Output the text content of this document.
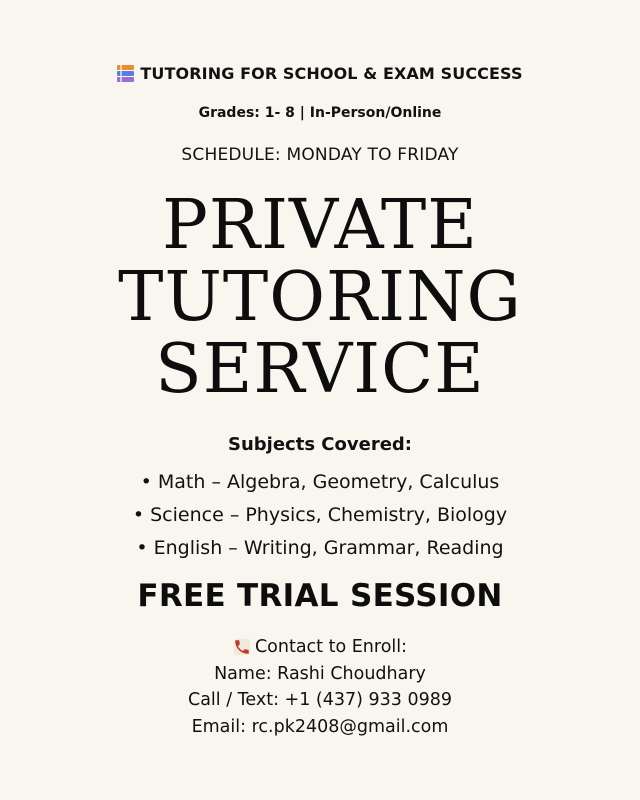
TUTORING FOR SCHOOL & EXAM SUCCESS
Grades: 1- 8 | In-Person/Online
SCHEDULE: MONDAY TO FRIDAY
PRIVATE
TUTORING
SERVICE
Subjects Covered:
• Math – Algebra, Geometry, Calculus
• Science – Physics, Chemistry, Biology
• English – Writing, Grammar, Reading
FREE TRIAL SESSION
Contact to Enroll:
Name: Rashi Choudhary
Call / Text: +1 (437) 933 0989
Email: rc.pk2408@gmail.com
